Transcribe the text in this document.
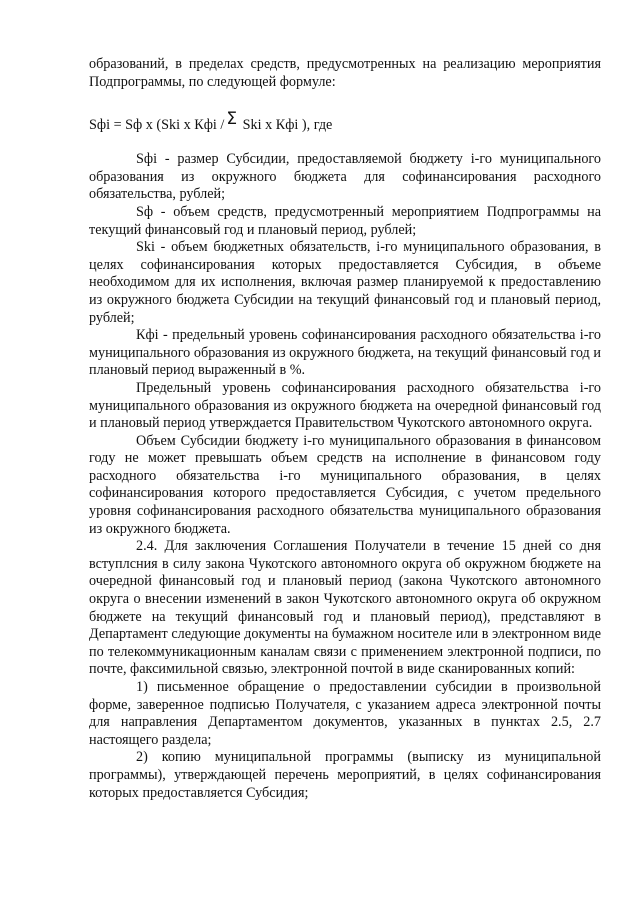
образований, в пределах средств, предусмотренных на реализацию мероприятия Подпрограммы, по следующей формуле:

Sфi = Sф х (Skі х Кфі / Σ Skі х Кфі ), где

Sфi - размер Субсидии, предоставляемой бюджету i-го муниципального образования из окружного бюджета для софинансирования расходного обязательства, рублей;

Sф - объем средств, предусмотренный мероприятием Подпрограммы на текущий финансовый год и плановый период, рублей;

Skі - объем бюджетных обязательств, і-го муниципального образования, в целях софинансирования которых предоставляется Субсидия, в объеме необходимом для их исполнения, включая размер планируемой к предоставлению из окружного бюджета Субсидии на текущий финансовый год и плановый период, рублей;

Кфі - предельный уровень софинансирования расходного обязательства і-го муниципального образования из окружного бюджета, на текущий финансовый год и плановый период выраженный в %.

Предельный уровень софинансирования расходного обязательства і-го муниципального образования из окружного бюджета на очередной финансовый год и плановый период утверждается Правительством Чукотского автономного округа.

Объем Субсидии бюджету і-го муниципального образования в финансовом году не может превышать объем средств на исполнение в финансовом году расходного обязательства і-го муниципального образования, в целях софинансирования которого предоставляется Субсидия, с учетом предельного уровня софинансирования расходного обязательства муниципального образования из окружного бюджета.

2.4. Для заключения Соглашения Получатели в течение 15 дней со дня вступлсния в силу закона Чукотского автономного округа об окружном бюджете на очередной финансовый год и плановый период (закона Чукотского автономного округа о внесении изменений в закон Чукотского автономного округа об окружном бюджете на текущий финансовый год и плановый период), представляют в Департамент следующие документы на бумажном носителе или в электронном виде по телекоммуникационным каналам связи с применением электронной подписи, по почте, факсимильной связью, электронной почтой в виде сканированных копий:

1) письменное обращение о предоставлении субсидии в произвольной форме, заверенное подписью Получателя, с указанием адреса электронной почты для направления Департаментом документов, указанных в пунктах 2.5, 2.7 настоящего раздела;

2) копию муниципальной программы (выписку из муниципальной программы), утверждающей перечень мероприятий, в целях софинансирования которых предоставляется Субсидия;
